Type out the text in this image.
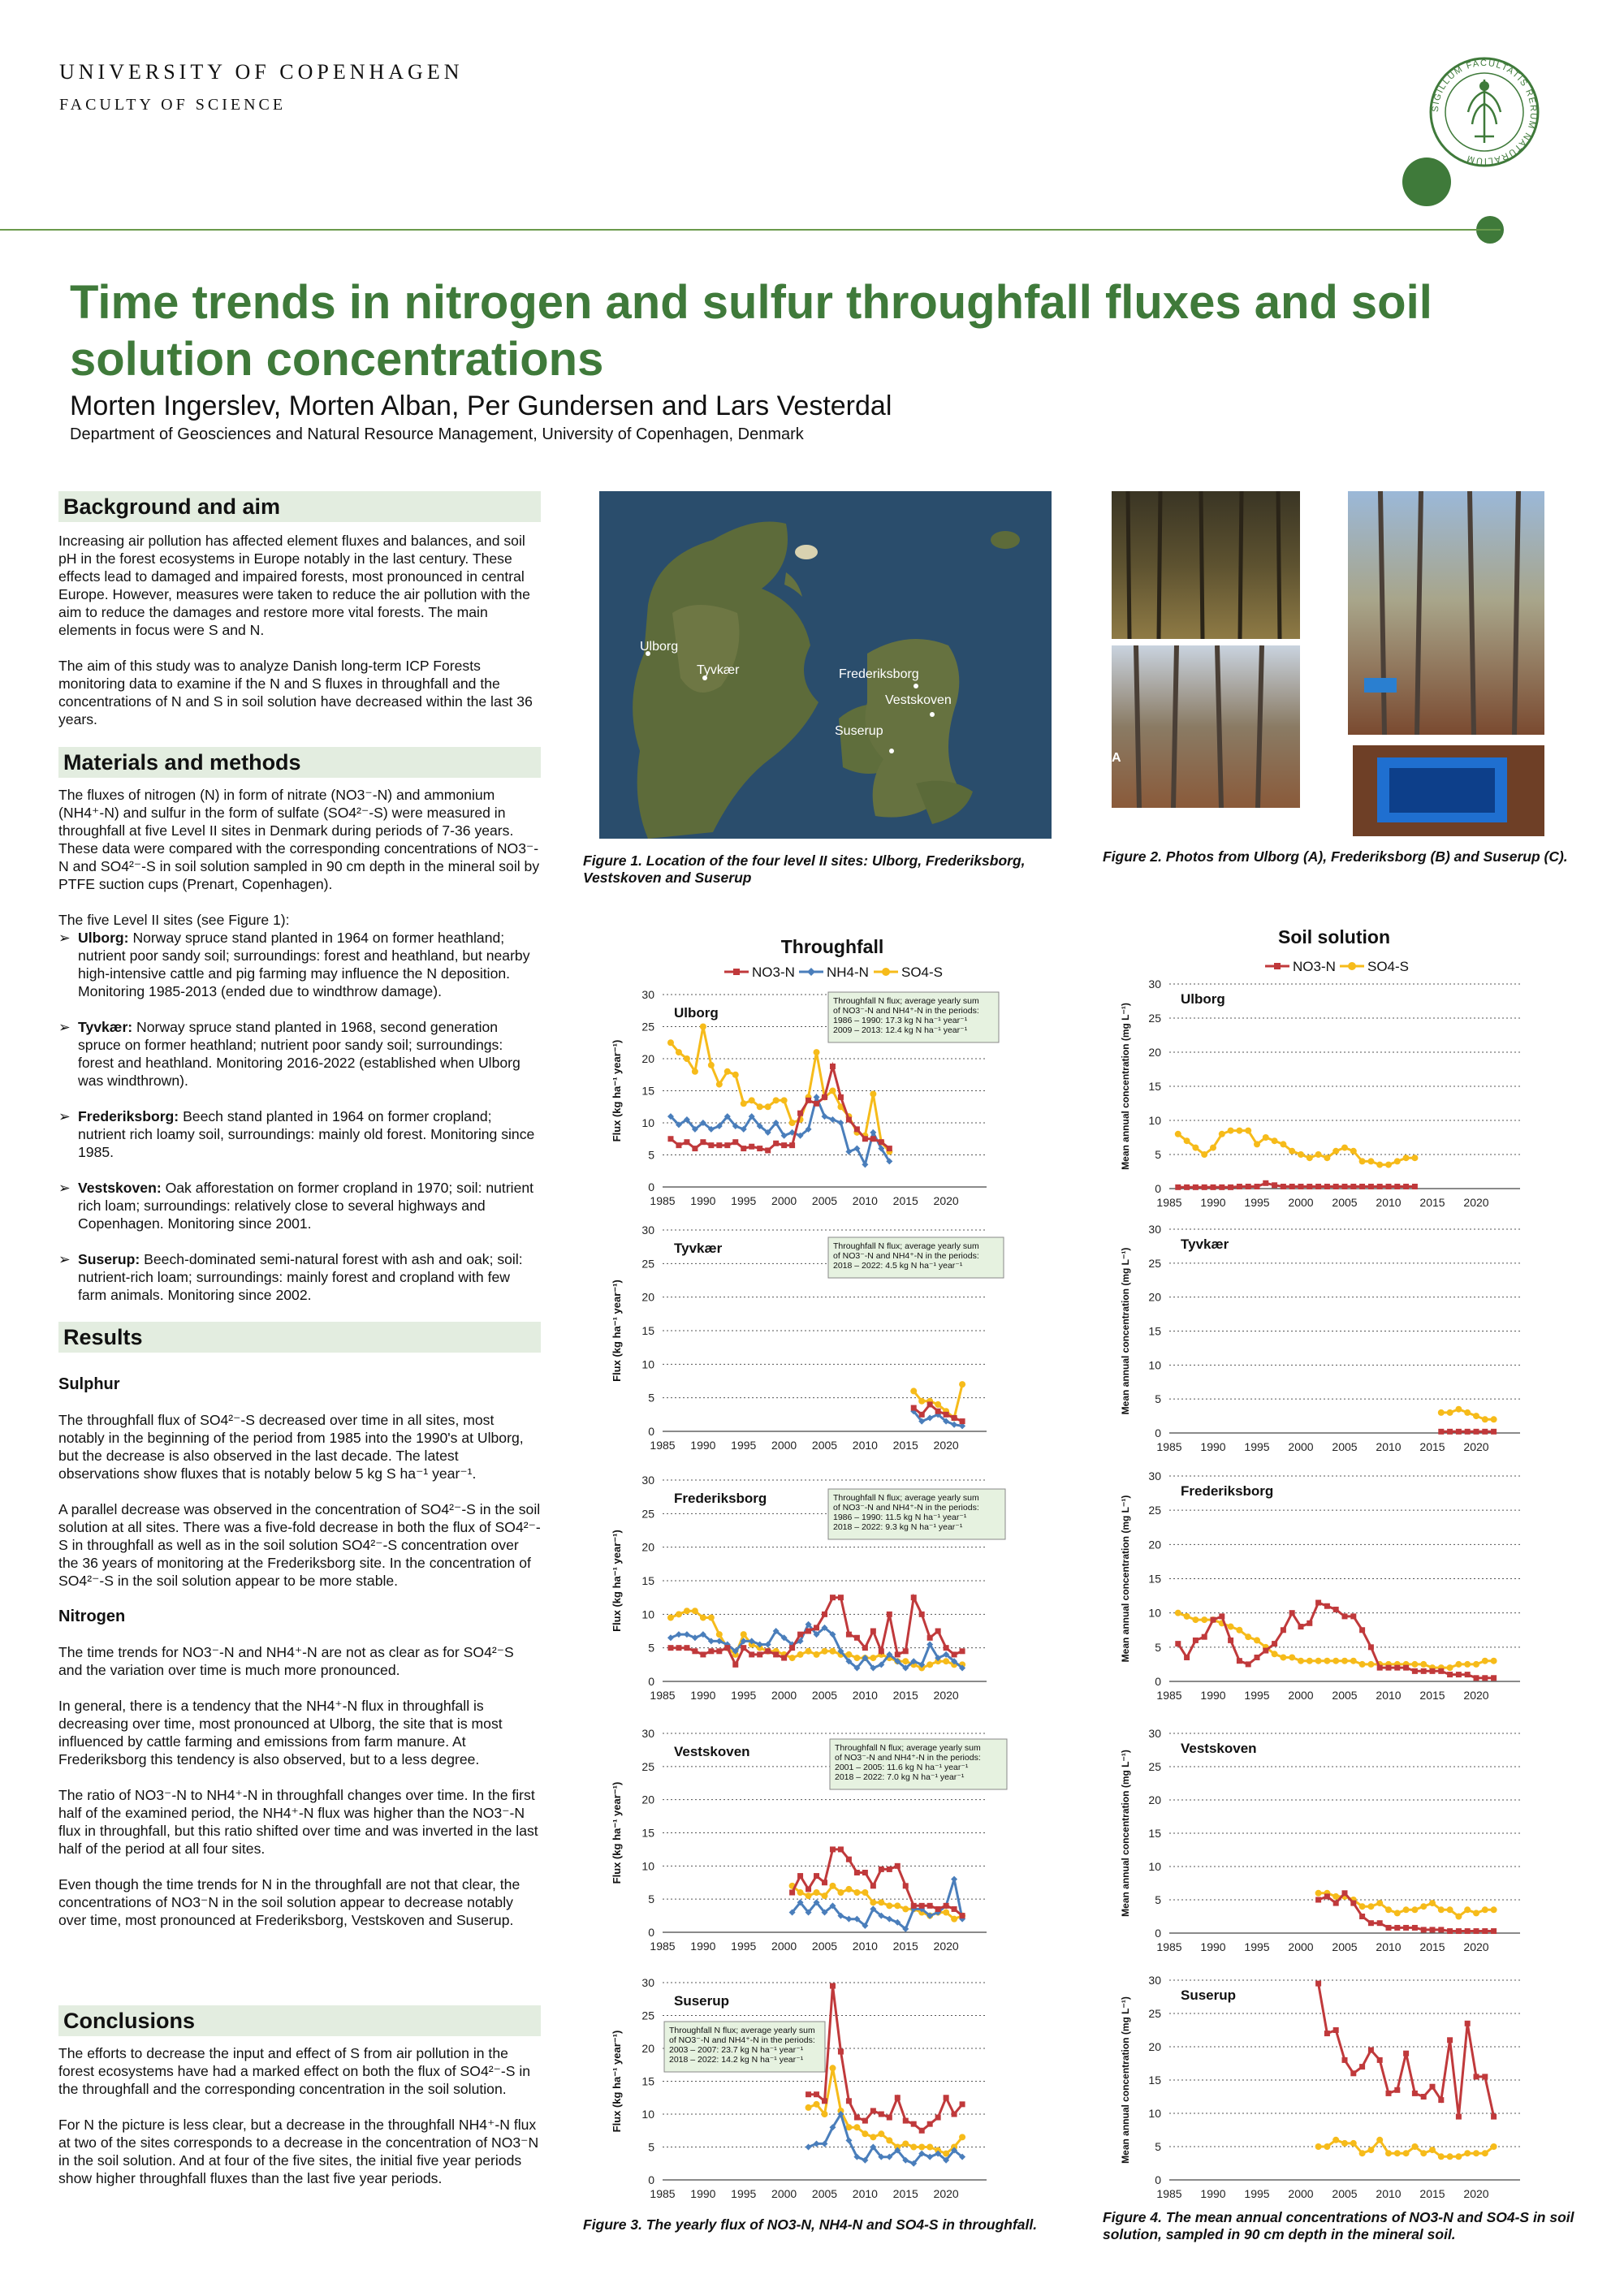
UNIVERSITY OF COPENHAGEN
FACULTY OF SCIENCE	SIGILLUM FACULTATIS RERUM NATURALIUM
Time trends in nitrogen and sulfur throughfall fluxes and soil solution concentrations
Morten Ingerslev, Morten Alban, Per Gundersen and Lars Vesterdal
Department of Geosciences and Natural Resource Management, University of Copenhagen, Denmark
Background and aim

Increasing air pollution has affected element fluxes and balances, and soil pH in the forest ecosystems in Europe notably in the last century. These effects lead to damaged and impaired forests, most pronounced in central Europe. However, measures were taken to reduce the air pollution with the aim to reduce the damages and restore more vital forests. The main elements in focus were S and N.

The aim of this study was to analyze Danish long-term ICP Forests monitoring data to examine if the N and S fluxes in throughfall and the concentrations of N and S in soil solution have decreased within the last 36 years.

Materials and methods

The fluxes of nitrogen (N) in form of nitrate (NO3⁻-N) and ammonium (NH4⁺-N) and sulfur in the form of sulfate (SO4²⁻-S) were measured in throughfall at five Level II sites in Denmark during periods of 7-36 years. These data were compared with the corresponding concentrations of NO3⁻-N and SO4²⁻-S in soil solution sampled in 90 cm depth in the mineral soil by PTFE suction cups (Prenart, Copenhagen).

The five Level II sites (see Figure 1):

➢ Ulborg: Norway spruce stand planted in 1964 on former heathland; nutrient poor sandy soil; surroundings: forest and heathland, but nearby high-intensive cattle and pig farming may influence the N deposition. Monitoring 1985-2013 (ended due to windthrow damage).
➢ Tyvkær: Norway spruce stand planted in 1968, second generation spruce on former heathland; nutrient poor sandy soil; surroundings: forest and heathland. Monitoring 2016-2022 (established when Ulborg was windthrown).
➢ Frederiksborg: Beech stand planted in 1964 on former cropland; nutrient rich loamy soil, surroundings: mainly old forest. Monitoring since 1985.
➢ Vestskoven: Oak afforestation on former cropland in 1970; soil: nutrient rich loam; surroundings: relatively close to several highways and Copenhagen. Monitoring since 2001.
➢ Suserup: Beech-dominated semi-natural forest with ash and oak; soil: nutrient-rich loam; surroundings: mainly forest and cropland with few farm animals. Monitoring since 2002.
Results
Sulphur

The throughfall flux of SO4²⁻-S decreased over time in all sites, most notably in the beginning of the period from 1985 into the 1990's at Ulborg, but the decrease is also observed in the last decade. The latest observations show fluxes that is notably below 5 kg S ha⁻¹ year⁻¹.

A parallel decrease was observed in the concentration of SO4²⁻-S in the soil solution at all sites. There was a five-fold decrease in both the flux of SO4²⁻-S in throughfall as well as in the soil solution SO4²⁻-S concentration over the 36 years of monitoring at the Frederiksborg site. In the concentration of SO4²⁻-S in the soil solution appear to be more stable.

Nitrogen

The time trends for NO3⁻-N and NH4⁺-N are not as clear as for SO4²⁻S and the variation over time is much more pronounced.

In general, there is a tendency that the NH4⁺-N flux in throughfall is decreasing over time, most pronounced at Ulborg, the site that is most influenced by cattle farming and emissions from farm manure. At Frederiksborg this tendency is also observed, but to a less degree.

The ratio of NO3⁻-N to NH4⁺-N in throughfall changes over time. In the first half of the examined period, the NH4⁺-N flux was higher than the NO3⁻-N flux in throughfall, but this ratio shifted over time and was inverted in the last half of the period at all four sites.

Even though the time trends for N in the throughfall are not that clear, the concentrations of NO3⁻N in the soil solution appear to decrease notably over time, most pronounced at Frederiksborg, Vestskoven and Suserup.

Conclusions

The efforts to decrease the input and effect of S from air pollution in the forest ecosystems have had a marked effect on both the flux of SO4²⁻-S in the throughfall and the corresponding concentration in the soil solution.

For N the picture is less clear, but a decrease in the throughfall NH4⁺-N flux at two of the sites corresponds to a decrease in the concentration of NO3⁻N in the soil solution. And at four of the five sites, the initial five year periods show higher throughfall fluxes than the last five year periods.

Ulborg
Tyvkær	Frederiksborg
Vestskoven
Suserup
Figure 1. Location of the four level II sites: Ulborg, Frederiksborg, Vestskoven and Suserup
A
Figure 2. Photos from Ulborg (A), Frederiksborg (B) and Suserup (C).
0
5
10
15
20
25
30
1985 1990 1995 2000 2005 2010 2015 2020
Ulborg
Flux (kg ha⁻¹ year⁻¹)
Throughfall N flux; average yearly sum
of NO3⁻-N and NH4⁺-N in the periods:
1986 – 1990: 17.3 kg N ha⁻¹ year⁻¹
2009 – 2013: 12.4 kg N ha⁻¹ year⁻¹
Throughfall
NO3-N NH4-N SO4-S
0
5
10
15
20
25
30
1985 1990 1995 2000 2005 2010 2015 2020
Tyvkær
Flux (kg ha⁻¹ year⁻¹)
Throughfall N flux; average yearly sum
of NO3⁻-N and NH4⁺-N in the periods:
2018 – 2022: 4.5 kg N ha⁻¹ year⁻¹
0
5
10
15
20
25
30
1985 1990 1995 2000 2005 2010 2015 2020
Frederiksborg
Flux (kg ha⁻¹ year⁻¹)
Throughfall N flux; average yearly sum
of NO3⁻-N and NH4⁺-N in the periods:
1986 – 1990: 11.5 kg N ha⁻¹ year⁻¹
2018 – 2022: 9.3 kg N ha⁻¹ year⁻¹
0
5
10
15
20
25
30
1985 1990 1995 2000 2005 2010 2015 2020
Vestskoven
Flux (kg ha⁻¹ year⁻¹)
Throughfall N flux; average yearly sum
of NO3⁻-N and NH4⁺-N in the periods:
2001 – 2005: 11.6 kg N ha⁻¹ year⁻¹
2018 – 2022: 7.0 kg N ha⁻¹ year⁻¹
0
5
10
15
20
25
30
1985 1990 1995 2000 2005 2010 2015 2020
Suserup
Flux (kg ha⁻¹ year⁻¹)	Throughfall N flux; average yearly sum
of NO3⁻-N and NH4⁺-N in the periods:
2003 – 2007: 23.7 kg N ha⁻¹ year⁻¹
2018 – 2022: 14.2 kg N ha⁻¹ year⁻¹
0
5
10
15
20
25
30
1985 1990 1995 2000 2005 2010 2015 2020
Ulborg
Mean annual concentration (mg L⁻¹)
Soil solution
NO3-N SO4-S
0
5
10
15
20
25
30
1985 1990 1995 2000 2005 2010 2015 2020
Tyvkær
Mean annual concentration (mg L⁻¹)
0
5
10
15
20
25
30
1985 1990 1995 2000 2005 2010 2015 2020
Frederiksborg
Mean annual concentration (mg L⁻¹)
0
5
10
15
20
25
30
1985 1990 1995 2000 2005 2010 2015 2020
Vestskoven
Mean annual concentration (mg L⁻¹)
0
5
10
15
20
25
30
1985 1990 1995 2000 2005 2010 2015 2020
Suserup
Mean annual concentration (mg L⁻¹)
Figure 3. The yearly flux of NO3-N, NH4-N and SO4-S in throughfall.	Figure 4. The mean annual concentrations of NO3-N and SO4-S in soil solution, sampled in 90 cm depth in the mineral soil.
